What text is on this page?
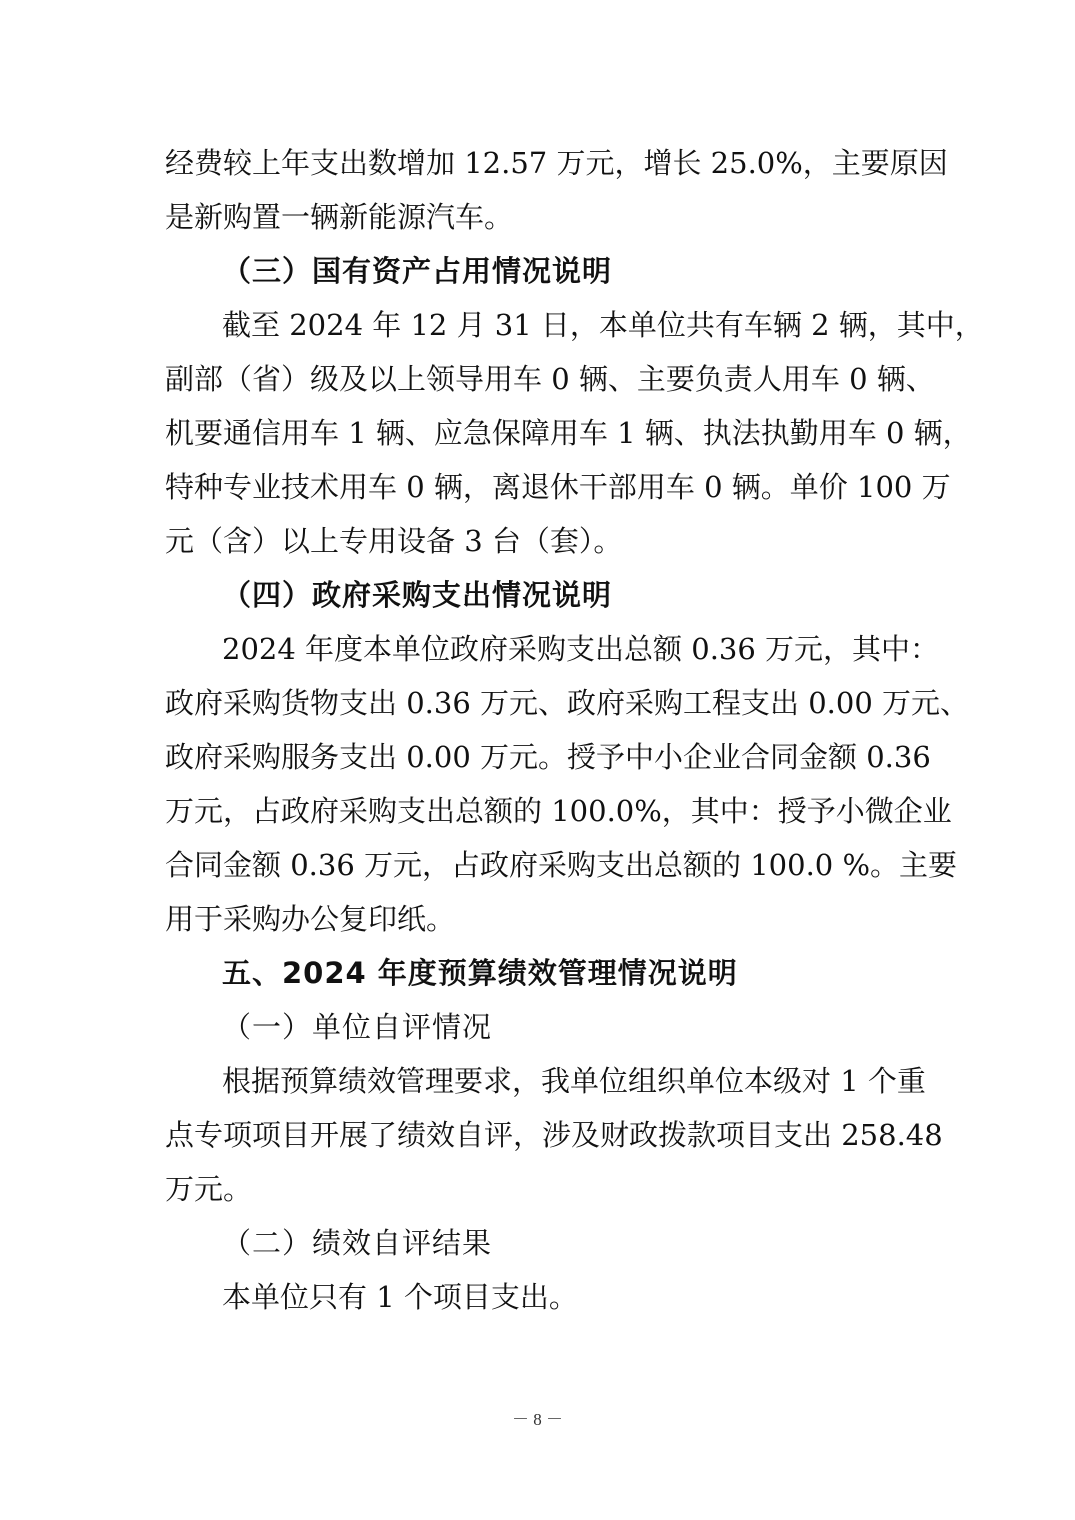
经费较上年支出数增加 12.57 万元，增长 25.0%，主要原因
是新购置一辆新能源汽车。
（三）国有资产占用情况说明
截至 2024 年 12 月 31 日，本单位共有车辆 2 辆，其中，
副部（省）级及以上领导用车 0 辆、主要负责人用车 0 辆、
机要通信用车 1 辆、应急保障用车 1 辆、执法执勤用车 0 辆，
特种专业技术用车 0 辆，离退休干部用车 0 辆。单价 100 万
元（含）以上专用设备 3 台（套）。
（四）政府采购支出情况说明
2024 年度本单位政府采购支出总额 0.36 万元，其中：
政府采购货物支出 0.36 万元、政府采购工程支出 0.00 万元、
政府采购服务支出 0.00 万元。授予中小企业合同金额 0.36
万元，占政府采购支出总额的 100.0%，其中：授予小微企业
合同金额 0.36 万元，占政府采购支出总额的 100.0 %。主要
用于采购办公复印纸。
五、2024 年度预算绩效管理情况说明
（一）单位自评情况
根据预算绩效管理要求，我单位组织单位本级对 1 个重
点专项项目开展了绩效自评，涉及财政拨款项目支出 258.48
万元。
（二）绩效自评结果
本单位只有 1 个项目支出。
－ 8 －
